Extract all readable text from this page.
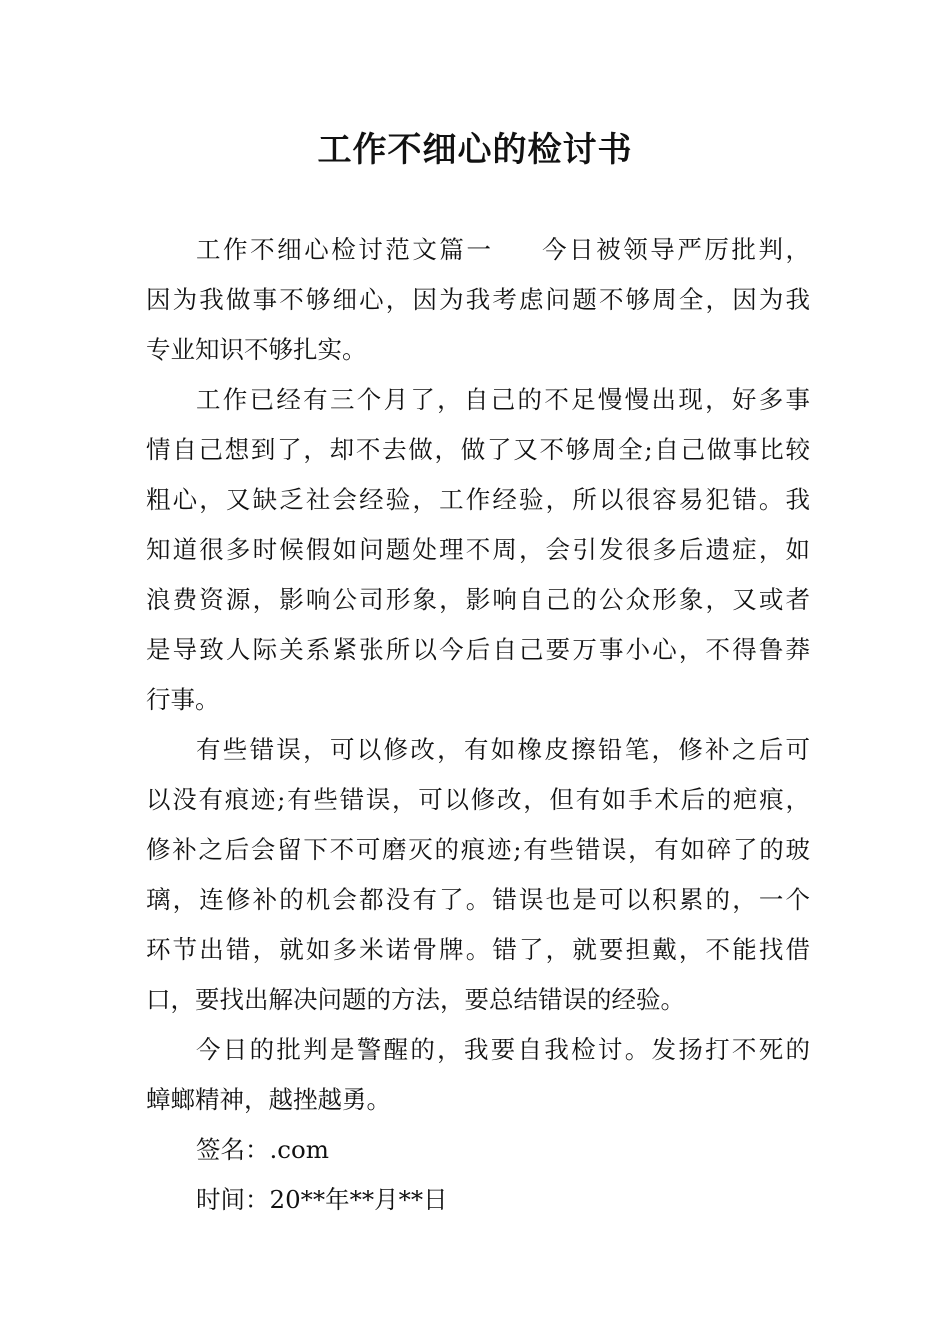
工作不细心的检讨书
工作不细心检讨范文篇一 今日被领导严厉批判，
因为我做事不够细心，因为我考虑问题不够周全，因为我
专业知识不够扎实。
工作已经有三个月了，自己的不足慢慢出现，好多事
情自己想到了，却不去做，做了又不够周全;自己做事比较
粗心，又缺乏社会经验，工作经验，所以很容易犯错。我
知道很多时候假如问题处理不周，会引发很多后遗症，如
浪费资源，影响公司形象，影响自己的公众形象，又或者
是导致人际关系紧张所以今后自己要万事小心，不得鲁莽
行事。
有些错误，可以修改，有如橡皮擦铅笔，修补之后可
以没有痕迹;有些错误，可以修改，但有如手术后的疤痕，
修补之后会留下不可磨灭的痕迹;有些错误，有如碎了的玻
璃，连修补的机会都没有了。错误也是可以积累的，一个
环节出错，就如多米诺骨牌。错了，就要担戴，不能找借
口，要找出解决问题的方法，要总结错误的经验。
今日的批判是警醒的，我要自我检讨。发扬打不死的
蟑螂精神，越挫越勇。
签名：.com
时间：20**年**月**日
